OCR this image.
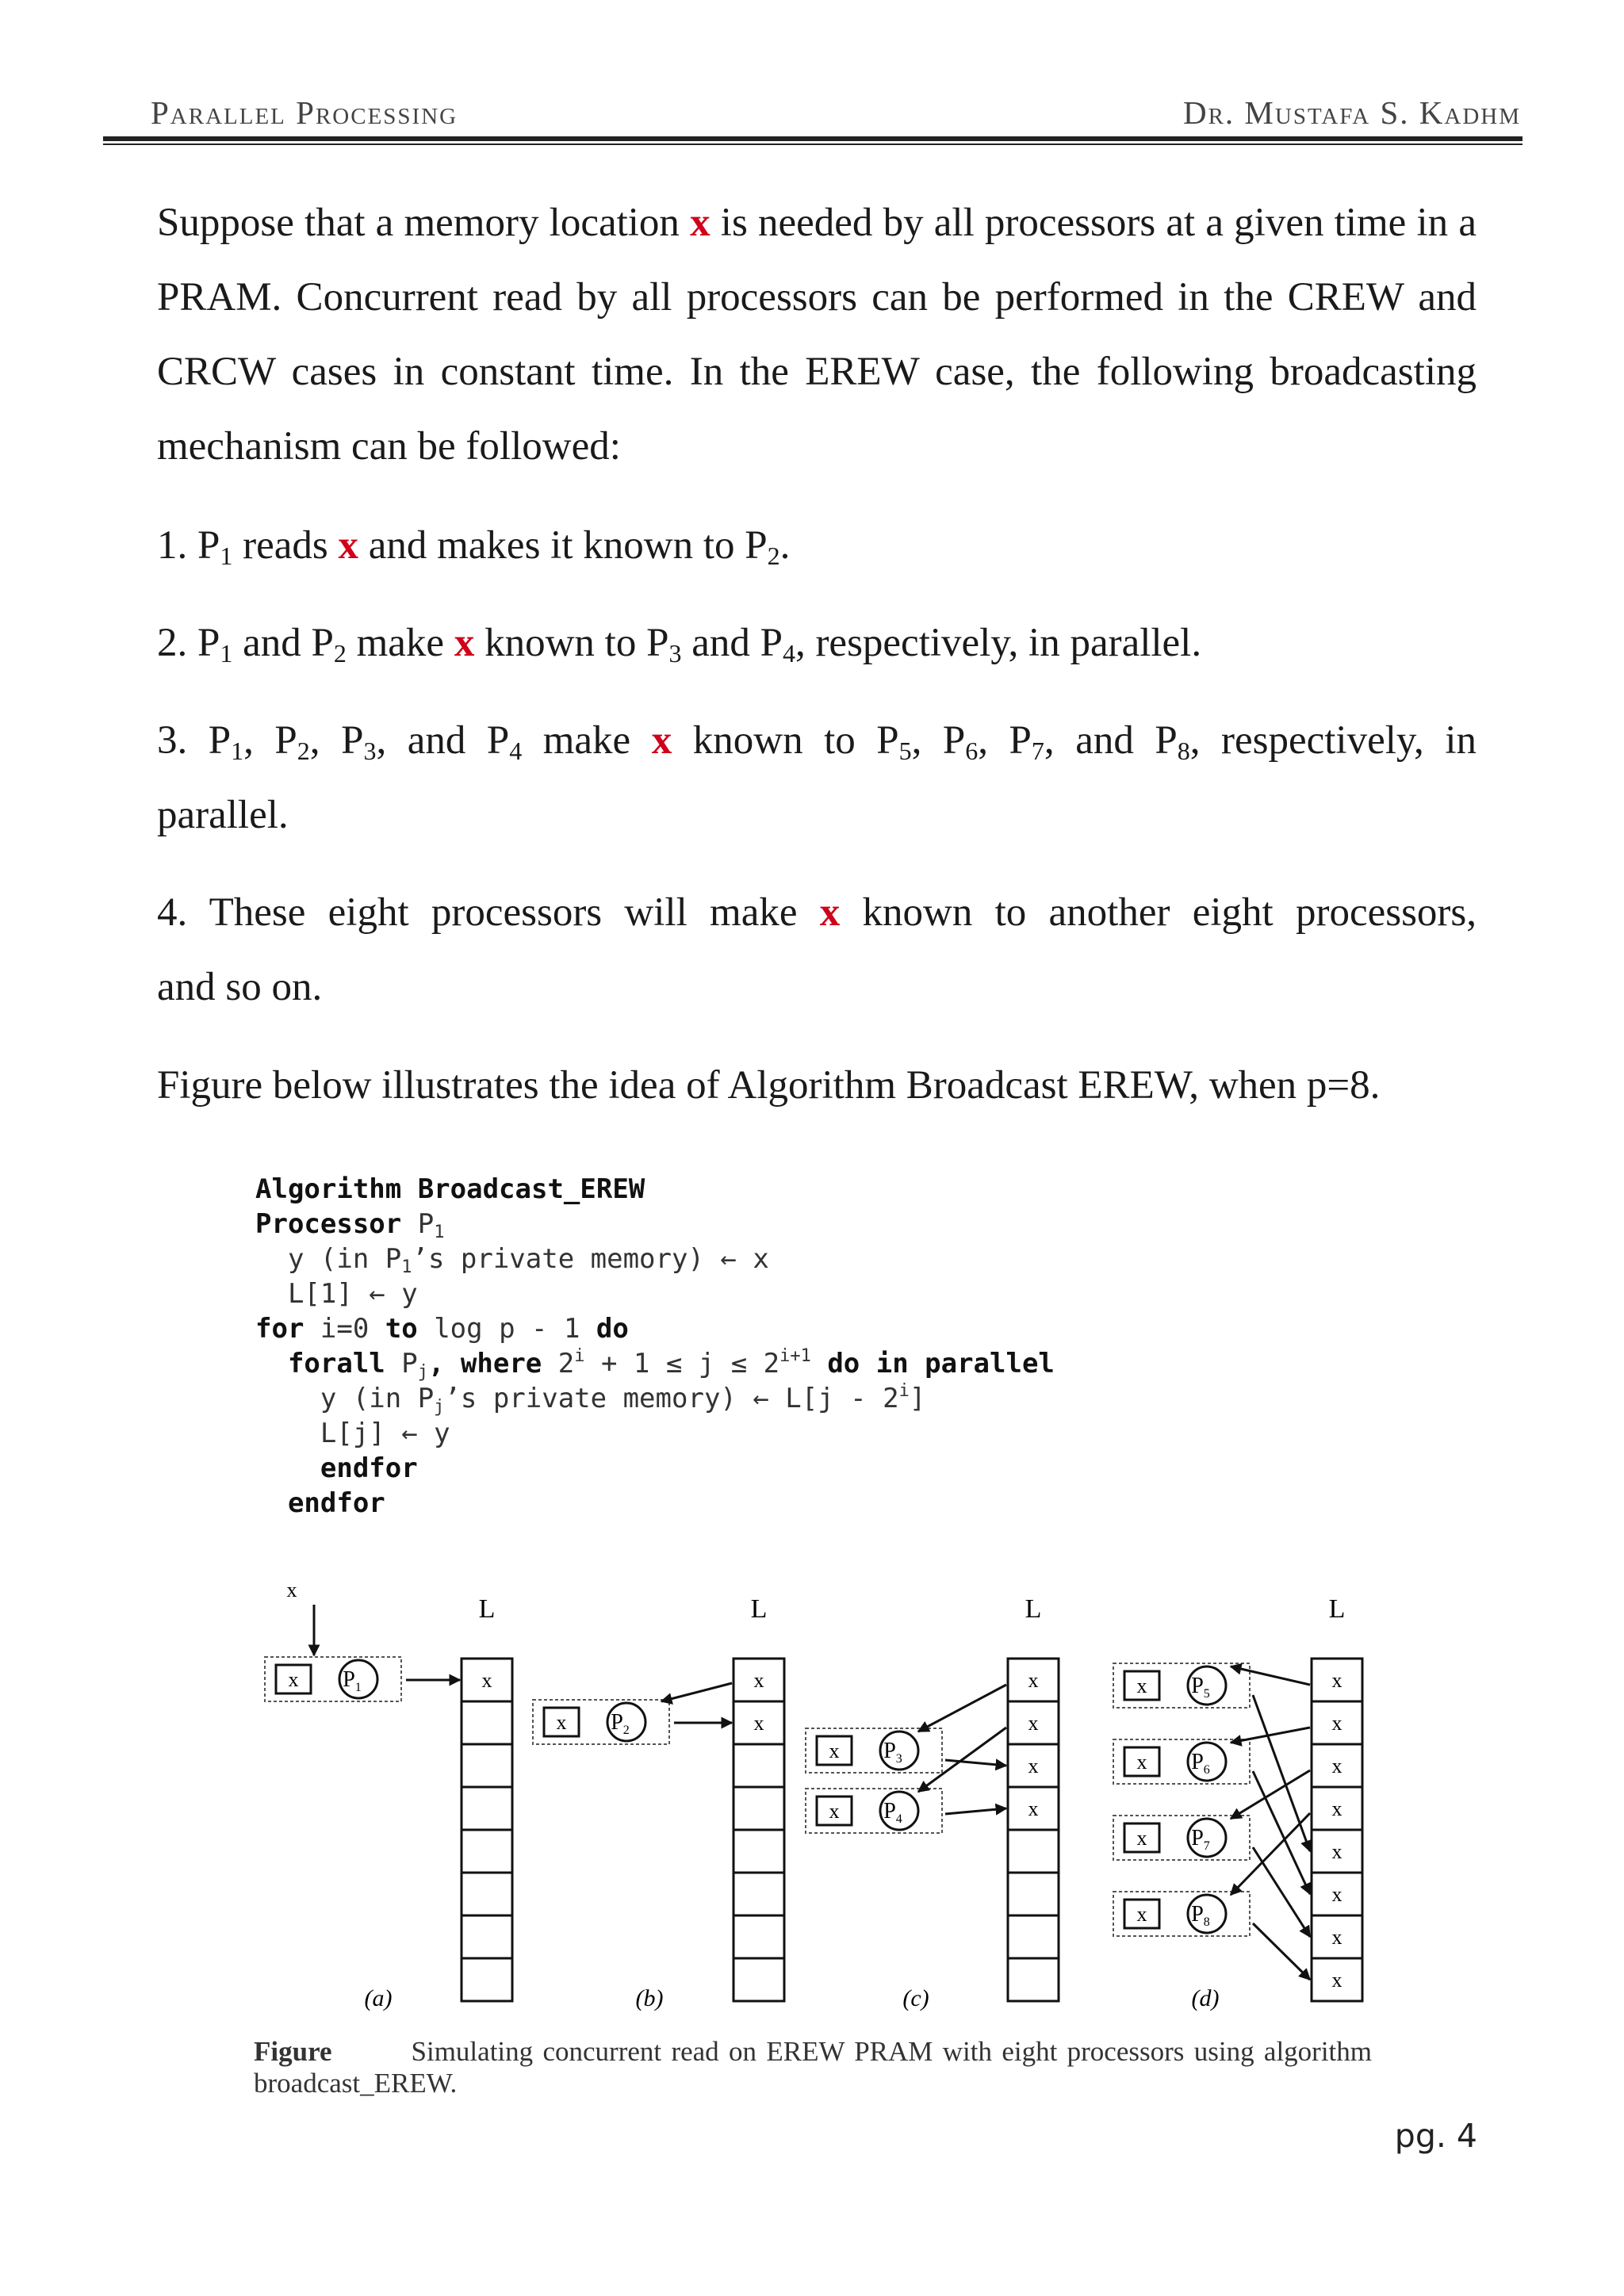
Parallel Processing	Dr. Mustafa S. Kadhm

Suppose that a memory location x is needed by all processors at a given time in a PRAM. Concurrent read by all processors can be performed in the CREW and CRCW cases in constant time. In the EREW case, the following broadcasting mechanism can be followed:

1. $P_1$ reads x and makes it known to $P_2$.

2. $P_1$ and $P_2$ make x known to $P_3$ and $P_4$, respectively, in parallel.

3. $P_1$, $P_2$, $P_3$, and $P_4$ make x known to $P_5$, $P_6$, $P_7$, and $P_8$, respectively, in
parallel.

4. These eight processors will make x known to another eight processors,
and so on.

Figure below illustrates the idea of Algorithm Broadcast EREW, when p=8.

Algorithm Broadcast_EREW
Processor $P_1$
y (in $P_1’s$ private memory) ← x
L[1] ← y
for i=0 to log p - 1 do
forall $P_j$, where $2^i + 1 \le j \le 2^{i+1}$ do in parallel
y (in $P_j’s$ private memory) ← L[j - 2$^i$]
L[j] ← y
endfor
endfor
L
x
L
x
x
L
x
x
x
x
L
x
x
x
x
x
x
x
x
x
x $P_1$
x $P_2$
x $P_3$
x $P_4$
x $P_5$
x $P_6$
x $P_7$
x $P_8$
(a)	(b)	(c)	(d)
Figure	Simulating concurrent read on EREW PRAM with eight processors using algorithm broadcast_EREW.
pg. 4
